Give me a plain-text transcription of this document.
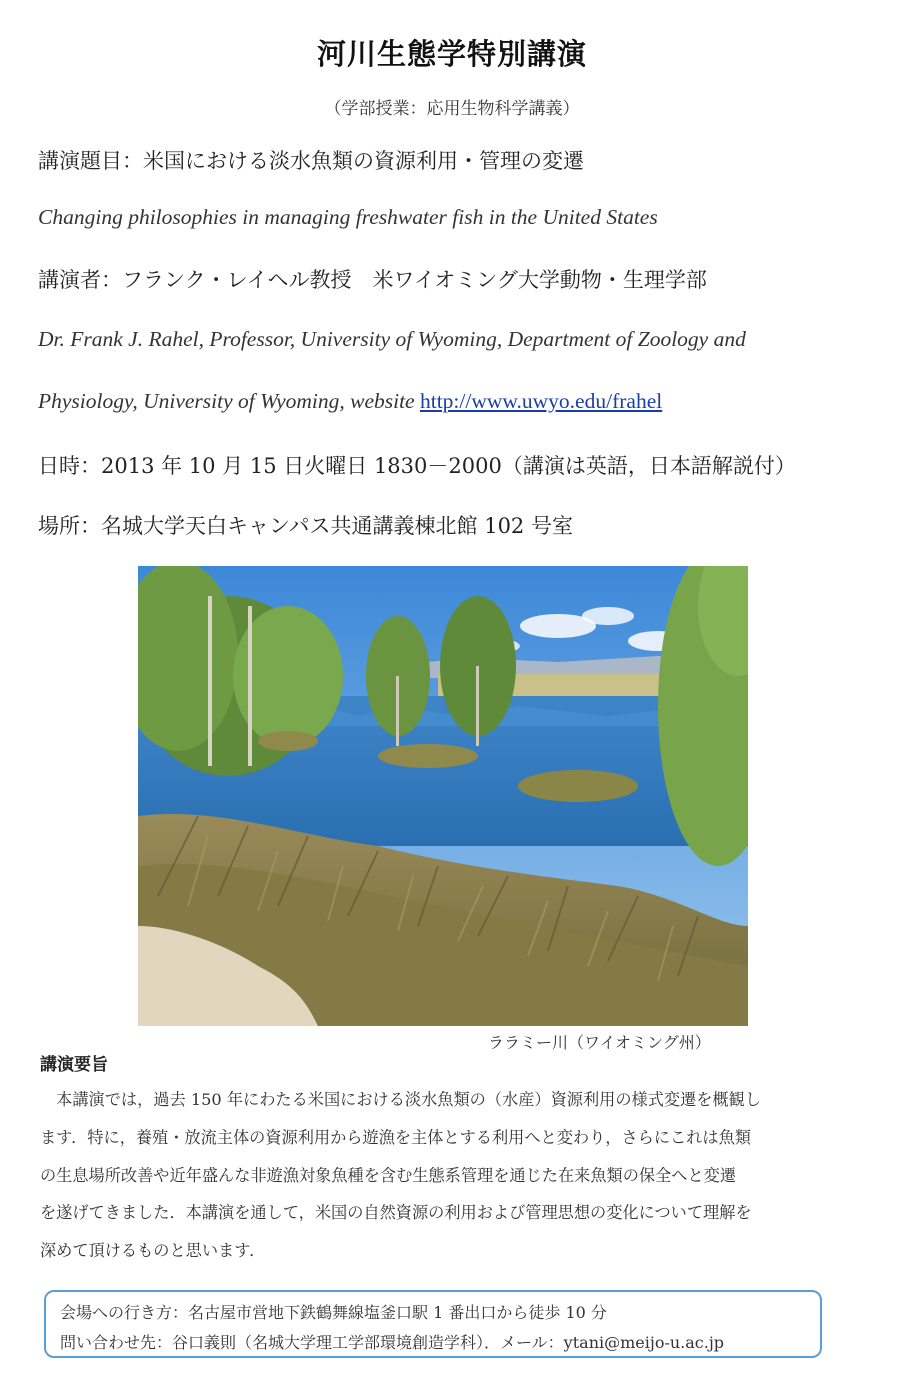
河川生態学特別講演
（学部授業：応用生物科学講義）
講演題目：米国における淡水魚類の資源利用・管理の変遷
Changing philosophies in managing freshwater fish in the United States
講演者：フランク・レイヘル教授　米ワイオミング大学動物・生理学部
Dr. Frank J. Rahel, Professor, University of Wyoming, Department of Zoology and
Physiology, University of Wyoming, website http://www.uwyo.edu/frahel
日時：2013 年 10 月 15 日火曜日 1830－2000（講演は英語，日本語解説付）
場所：名城大学天白キャンパス共通講義棟北館 102 号室
ララミー川（ワイオミング州）
講演要旨
　本講演では，過去 150 年にわたる米国における淡水魚類の（水産）資源利用の様式変遷を概観し
ます．特に，養殖・放流主体の資源利用から遊漁を主体とする利用へと変わり，さらにこれは魚類
の生息場所改善や近年盛んな非遊漁対象魚種を含む生態系管理を通じた在来魚類の保全へと変遷
を遂げてきました．本講演を通して，米国の自然資源の利用および管理思想の変化について理解を
深めて頂けるものと思います．
会場への行き方：名古屋市営地下鉄鶴舞線塩釜口駅 1 番出口から徒歩 10 分
問い合わせ先：谷口義則（名城大学理工学部環境創造学科）．メール：ytani@meijo-u.ac.jp
